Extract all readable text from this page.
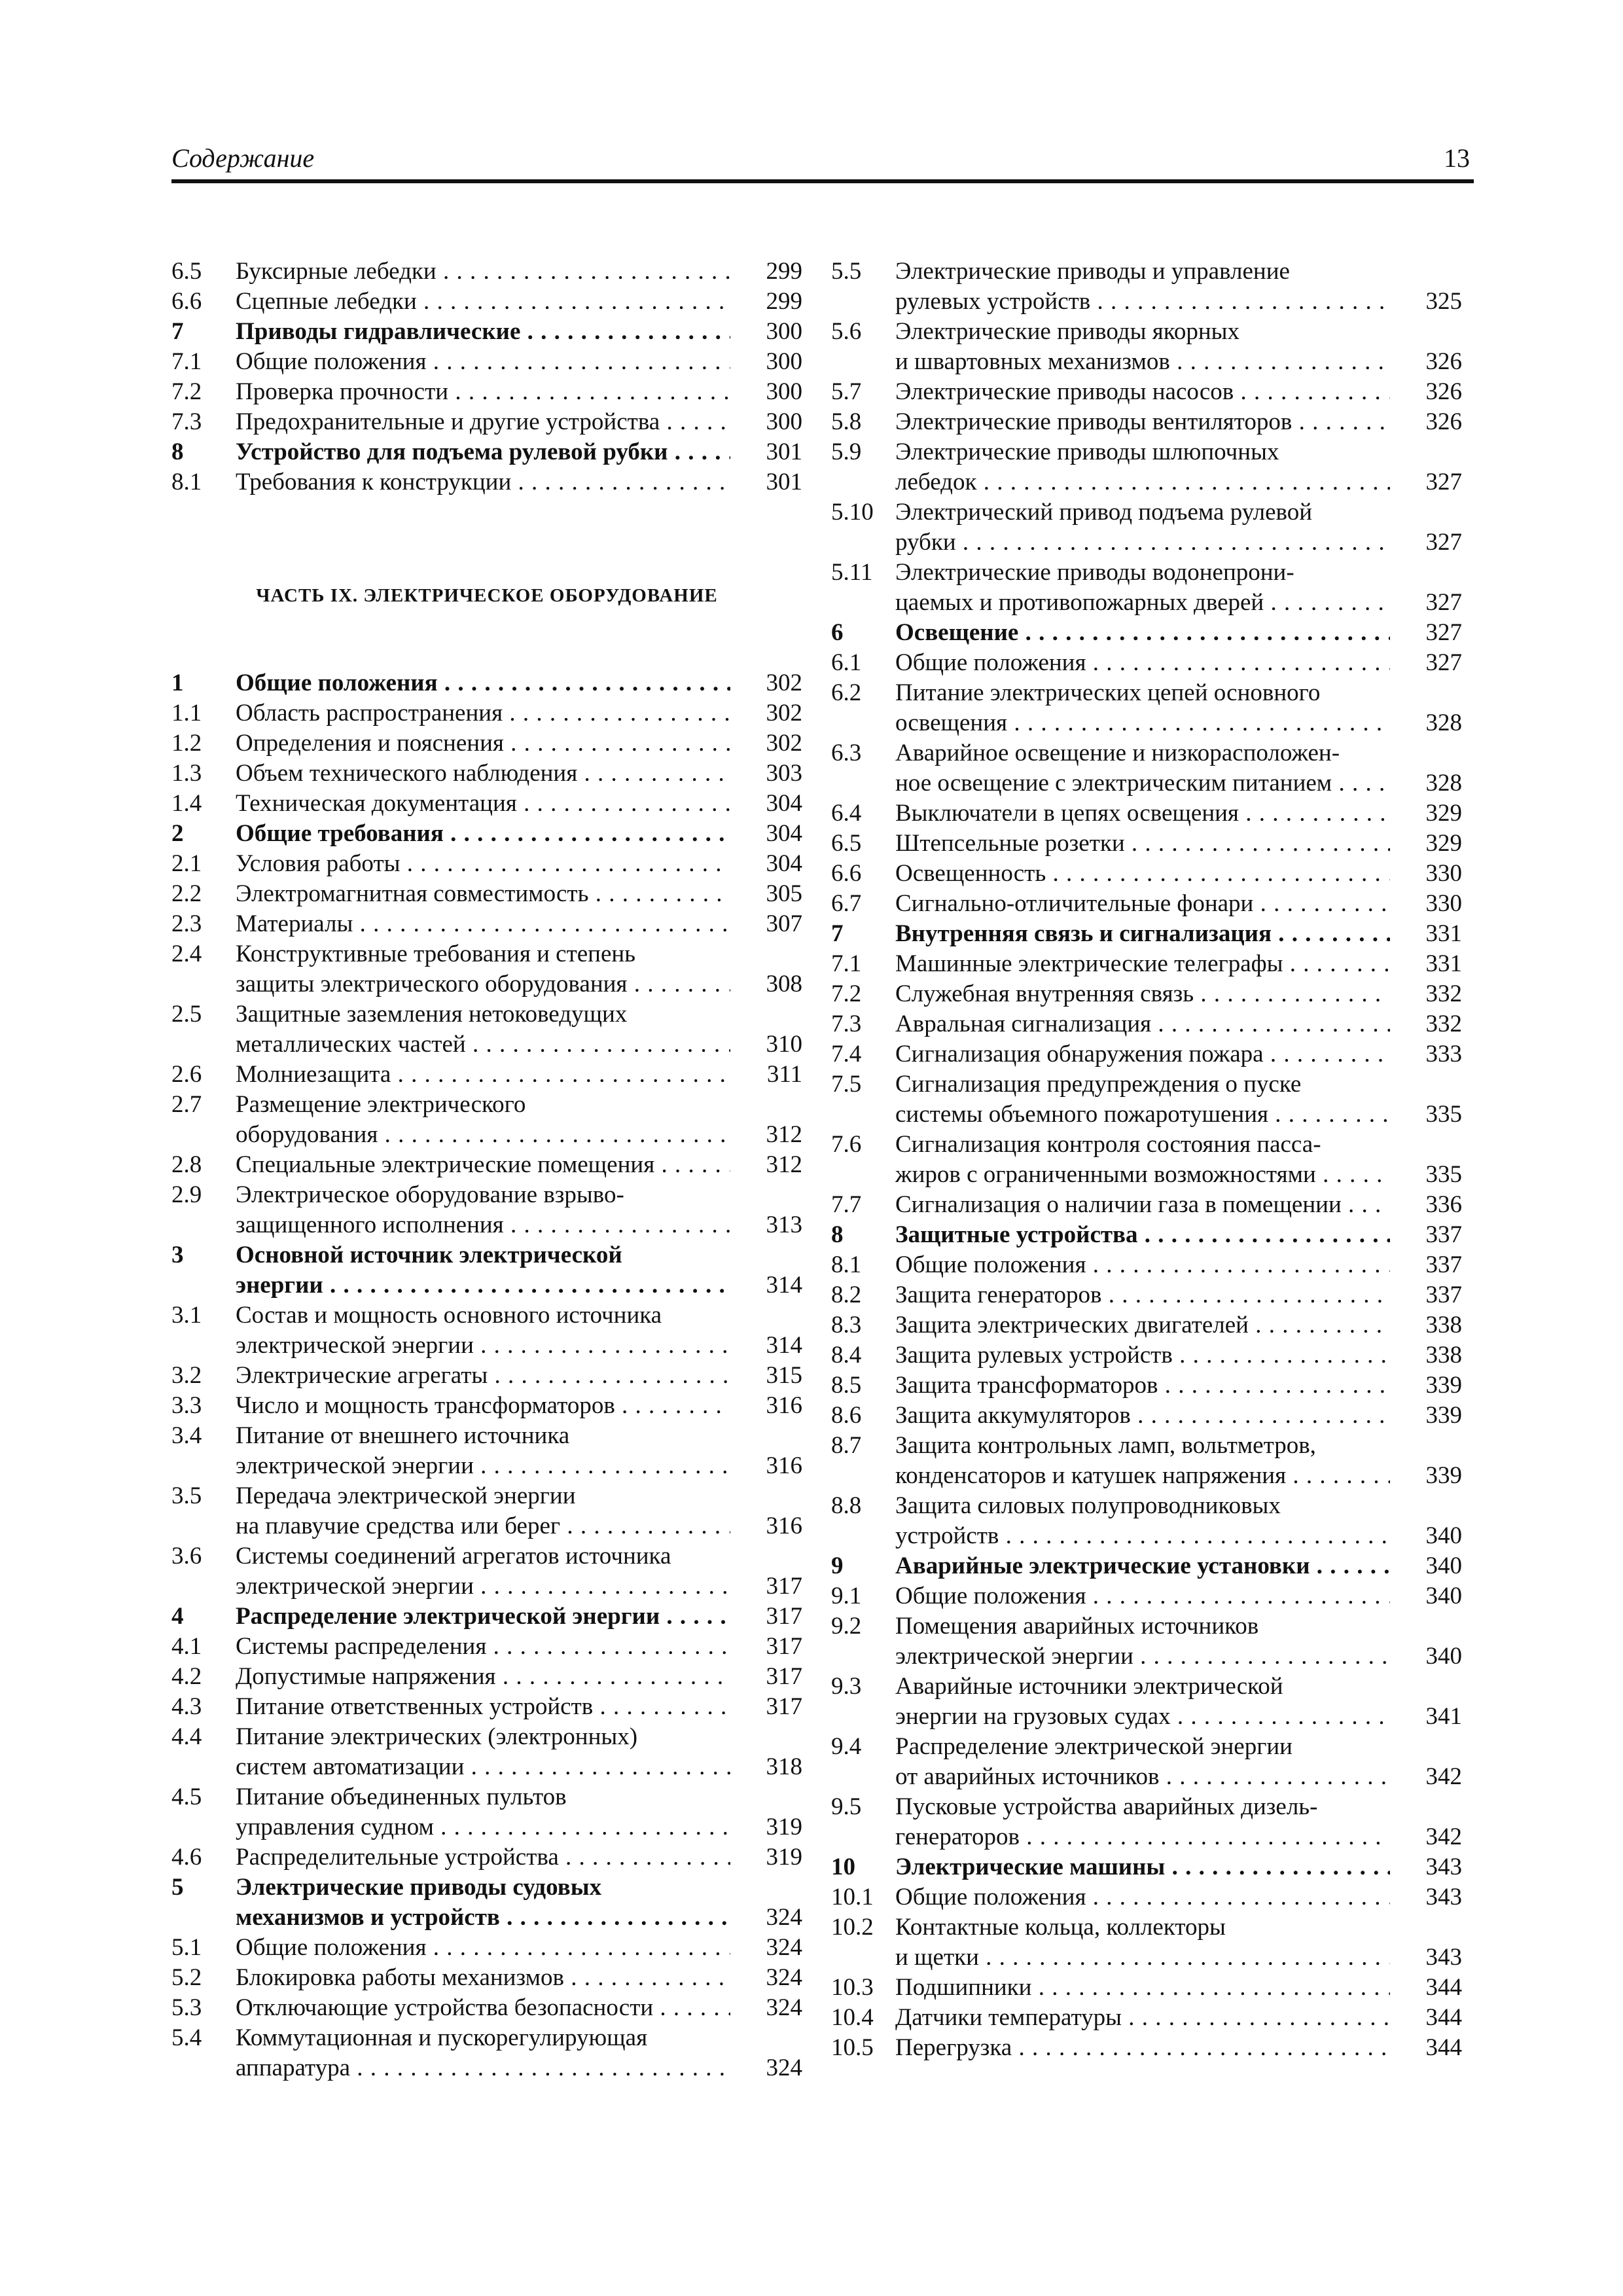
Содержание	13
6.5	Буксирные лебедки . . .	299
6.6	Сцепные лебедки . . .	299
7	Приводы гидравлические . . .	300
7.1	Общие положения . . .	300
7.2	Проверка прочности . . .	300
7.3	Предохранительные и другие устройства . . .	300
8	Устройство для подъема рулевой рубки . . .	301
8.1	Требования к конструкции . . .	301
ЧАСТЬ IX. ЭЛЕКТРИЧЕСКОЕ ОБОРУДОВАНИЕ
1	Общие положения . . .	302
1.1	Область распространения . . .	302
1.2	Определения и пояснения . . .	302
1.3	Объем технического наблюдения . . .	303
1.4	Техническая документация . . .	304
2	Общие требования . . .	304
2.1	Условия работы . . .	304
2.2	Электромагнитная совместимость . . .	305
2.3	Материалы . . .	307
2.4	Конструктивные требования и степень
защиты электрического оборудования . . .	308
2.5	Защитные заземления нетоковедущих
металлических частей . . .	310
2.6	Молниезащита . . .	311
2.7	Размещение электрического
оборудования . . .	312
2.8	Специальные электрические помещения . . .	312
2.9	Электрическое оборудование взрыво-
защищенного исполнения . . .	313
3	Основной источник электрической
энергии . . .	314
3.1	Состав и мощность основного источника
электрической энергии . . .	314
3.2	Электрические агрегаты . . .	315
3.3	Число и мощность трансформаторов . . .	316
3.4	Питание от внешнего источника
электрической энергии . . .	316
3.5	Передача электрической энергии
на плавучие средства или берег . . .	316
3.6	Системы соединений агрегатов источника
электрической энергии . . .	317
4	Распределение электрической энергии . . .	317
4.1	Системы распределения . . .	317
4.2	Допустимые напряжения . . .	317
4.3	Питание ответственных устройств . . .	317
4.4	Питание электрических (электронных)
систем автоматизации . . .	318
4.5	Питание объединенных пультов
управления судном . . .	319
4.6	Распределительные устройства . . .	319
5	Электрические приводы судовых
механизмов и устройств . . .	324
5.1	Общие положения . . .	324
5.2	Блокировка работы механизмов . . .	324
5.3	Отключающие устройства безопасности . . .	324
5.4	Коммутационная и пускорегулирующая
аппаратура . . .	324
5.5	Электрические приводы и управление
рулевых устройств . . .	325
5.6	Электрические приводы якорных
и швартовных механизмов . . .	326
5.7	Электрические приводы насосов . . .	326
5.8	Электрические приводы вентиляторов . . .	326
5.9	Электрические приводы шлюпочных
лебедок . . .	327
5.10 Электрический привод подъема рулевой
рубки . . .	327
5.11 Электрические приводы водонепрони-
цаемых и противопожарных дверей . . .	327
6	Освещение . . .	327
6.1	Общие положения . . .	327
6.2	Питание электрических цепей основного
освещения . . .	328
6.3	Аварийное освещение и низкорасположен-
ное освещение с электрическим питанием . . .	328
6.4	Выключатели в цепях освещения . . .	329
6.5	Штепсельные розетки . . .	329
6.6	Освещенность . . .	330
6.7	Сигнально-отличительные фонари . . .	330
7	Внутренняя связь и сигнализация . . .	331
7.1	Машинные электрические телеграфы . . .	331
7.2	Служебная внутренняя связь . . .	332
7.3	Авральная сигнализация . . .	332
7.4	Сигнализация обнаружения пожара . . .	333
7.5	Сигнализация предупреждения о пуске
системы объемного пожаротушения . . .	335
7.6	Сигнализация контроля состояния пасса-
жиров с ограниченными возможностями . . .	335
7.7	Сигнализация о наличии газа в помещении . . .	336
8	Защитные устройства . . .	337
8.1	Общие положения . . .	337
8.2	Защита генераторов . . .	337
8.3	Защита электрических двигателей . . .	338
8.4	Защита рулевых устройств . . .	338
8.5	Защита трансформаторов . . .	339
8.6	Защита аккумуляторов . . .	339
8.7	Защита контрольных ламп, вольтметров,
конденсаторов и катушек напряжения . . .	339
8.8	Защита силовых полупроводниковых
устройств . . .	340
9	Аварийные электрические установки . . .	340
9.1	Общие положения . . .	340
9.2	Помещения аварийных источников
электрической энергии . . .	340
9.3	Аварийные источники электрической
энергии на грузовых судах . . .	341
9.4	Распределение электрической энергии
от аварийных источников . . .	342
9.5	Пусковые устройства аварийных дизель-
генераторов . . .	342
10	Электрические машины . . .	343
10.1 Общие положения . . .	343
10.2 Контактные кольца, коллекторы
и щетки . . .	343
10.3 Подшипники . . .	344
10.4 Датчики температуры . . .	344
10.5 Перегрузка . . .	344
